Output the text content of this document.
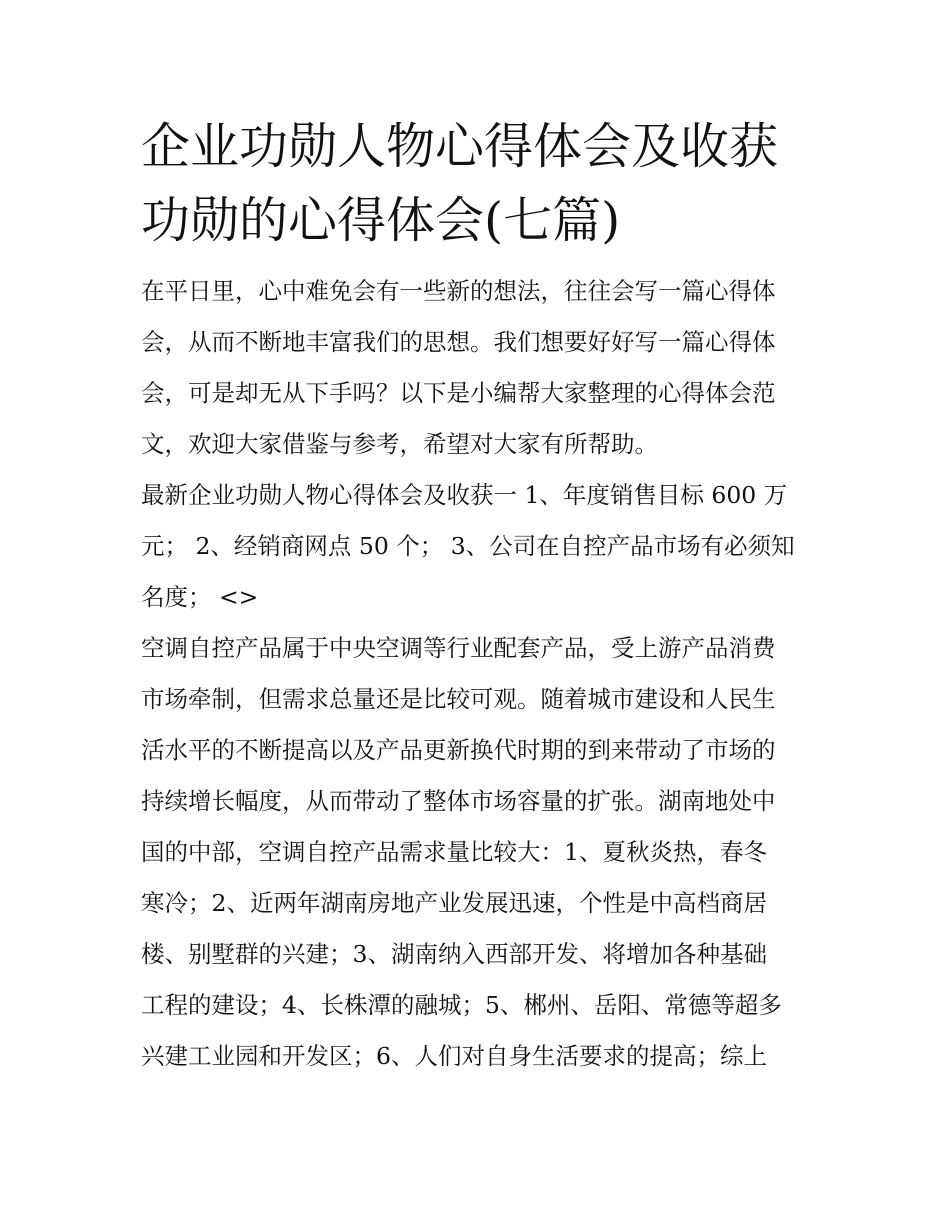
企业功勋人物心得体会及收获
功勋的心得体会(七篇)

在平日里，心中难免会有一些新的想法，往往会写一篇心得体
会，从而不断地丰富我们的思想。我们想要好好写一篇心得体
会，可是却无从下手吗？以下是小编帮大家整理的心得体会范
文，欢迎大家借鉴与参考，希望对大家有所帮助。

最新企业功勋人物心得体会及收获一 1、年度销售目标 600 万
元； 2、经销商网点 50 个； 3、公司在自控产品市场有必须知
名度； <>

空调自控产品属于中央空调等行业配套产品，受上游产品消费
市场牵制，但需求总量还是比较可观。随着城市建设和人民生
活水平的不断提高以及产品更新换代时期的到来带动了市场的
持续增长幅度，从而带动了整体市场容量的扩张。湖南地处中
国的中部，空调自控产品需求量比较大：1、夏秋炎热，春冬
寒冷；2、近两年湖南房地产业发展迅速，个性是中高档商居
楼、别墅群的兴建；3、湖南纳入西部开发、将增加各种基础
工程的建设；4、长株潭的融城；5、郴州、岳阳、常德等超多
兴建工业园和开发区；6、人们对自身生活要求的提高；综上
